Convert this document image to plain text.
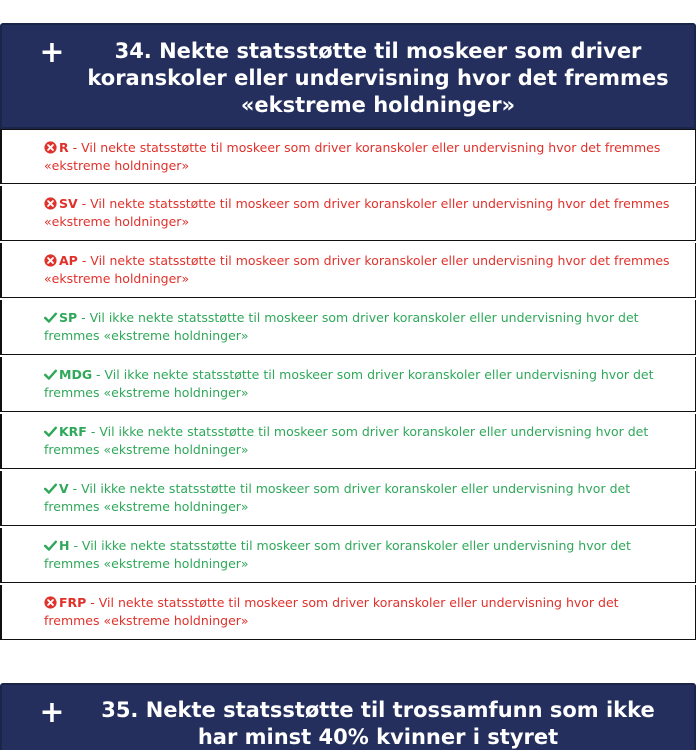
+	34. Nekte statsstøtte til moskeer som driver koranskoler eller undervisning hvor det fremmes «ekstreme holdninger»
R - Vil nekte statsstøtte til moskeer som driver koranskoler eller undervisning hvor det fremmes «ekstreme holdninger»
SV - Vil nekte statsstøtte til moskeer som driver koranskoler eller undervisning hvor det fremmes «ekstreme holdninger»
AP - Vil nekte statsstøtte til moskeer som driver koranskoler eller undervisning hvor det fremmes «ekstreme holdninger»
SP - Vil ikke nekte statsstøtte til moskeer som driver koranskoler eller undervisning hvor det fremmes «ekstreme holdninger»
MDG - Vil ikke nekte statsstøtte til moskeer som driver koranskoler eller undervisning hvor det fremmes «ekstreme holdninger»
KRF - Vil ikke nekte statsstøtte til moskeer som driver koranskoler eller undervisning hvor det fremmes «ekstreme holdninger»
V - Vil ikke nekte statsstøtte til moskeer som driver koranskoler eller undervisning hvor det fremmes «ekstreme holdninger»
H - Vil ikke nekte statsstøtte til moskeer som driver koranskoler eller undervisning hvor det fremmes «ekstreme holdninger»
FRP - Vil nekte statsstøtte til moskeer som driver koranskoler eller undervisning hvor det fremmes «ekstreme holdninger»
+	35. Nekte statsstøtte til trossamfunn som ikke har minst 40% kvinner i styret
